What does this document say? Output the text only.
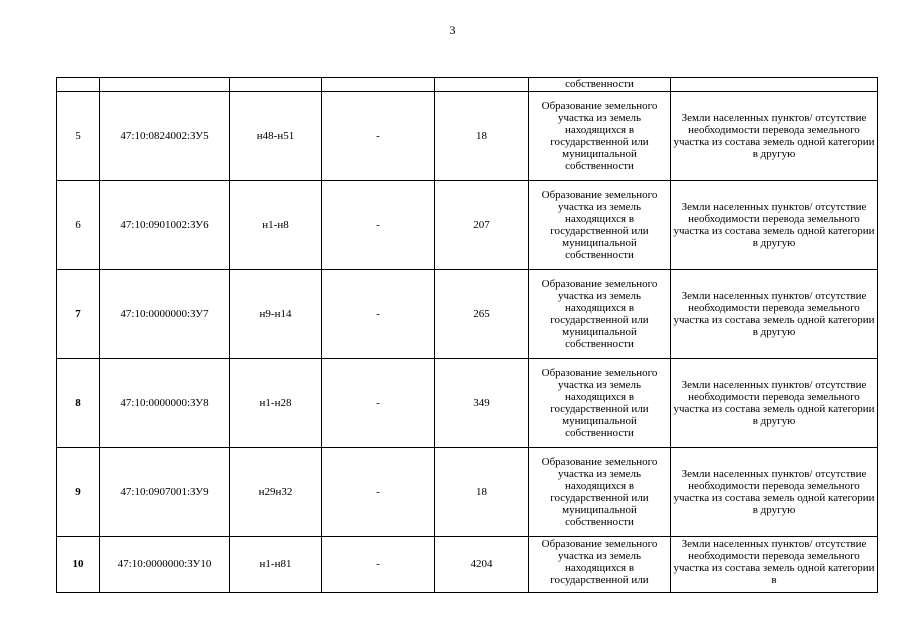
3
					собственности	
5	47:10:0824002:ЗУ5	н48-н51	-	18	Образование земельного участка из земель находящихся в государственной или муниципальной собственности	Земли населенных пунктов/ отсутствие необходимости перевода земельного участка из состава земель одной категории в другую
6	47:10:0901002:ЗУ6	н1-н8	-	207	Образование земельного участка из земель находящихся в государственной или муниципальной собственности	Земли населенных пунктов/ отсутствие необходимости перевода земельного участка из состава земель одной категории в другую
7	47:10:0000000:ЗУ7	н9-н14	-	265	Образование земельного участка из земель находящихся в государственной или муниципальной собственности	Земли населенных пунктов/ отсутствие необходимости перевода земельного участка из состава земель одной категории в другую
8	47:10:0000000:ЗУ8	н1-н28	-	349	Образование земельного участка из земель находящихся в государственной или муниципальной собственности	Земли населенных пунктов/ отсутствие необходимости перевода земельного участка из состава земель одной категории в другую
9	47:10:0907001:ЗУ9	н29н32	-	18	Образование земельного участка из земель находящихся в государственной или муниципальной собственности	Земли населенных пунктов/ отсутствие необходимости перевода земельного участка из состава земель одной категории в другую
10	47:10:0000000:ЗУ10	н1-н81	-	4204	Образование земельного участка из земель находящихся в государственной или	Земли населенных пунктов/ отсутствие необходимости перевода земельного участка из состава земель одной категории в
